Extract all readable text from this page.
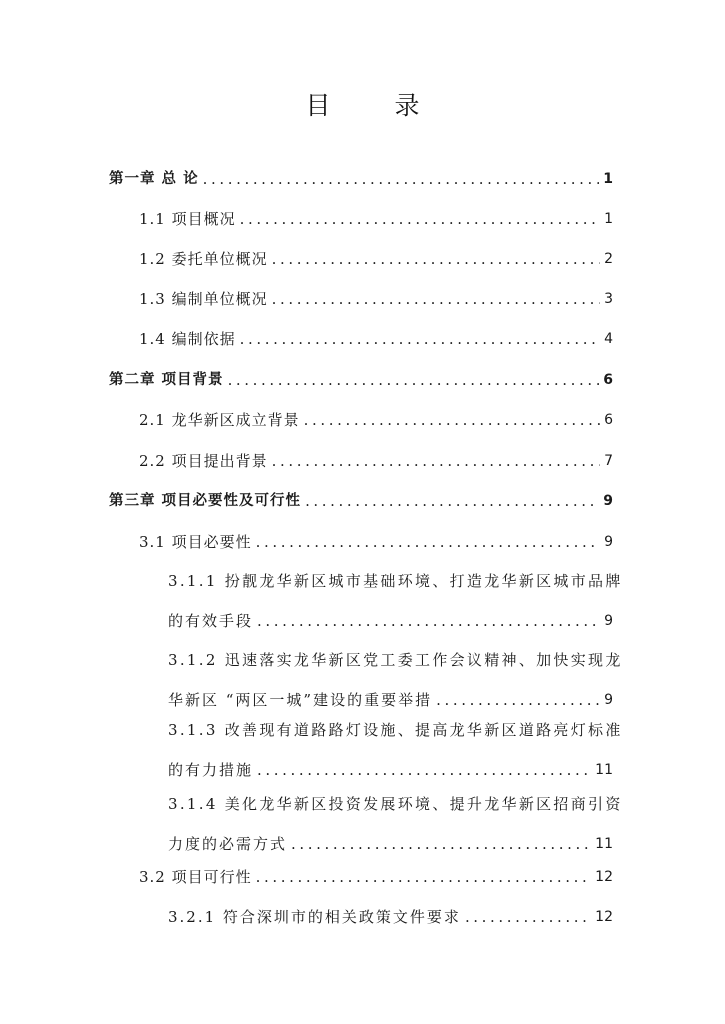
目 录
第一章 总 论 .....	1
1.1 项目概况 .....	1
1.2 委托单位概况 .....	2
1.3 编制单位概况 .....	3
1.4 编制依据 .....	4
第二章 项目背景 .....	6
2.1 龙华新区成立背景 .....	6
2.2 项目提出背景 .....	7
第三章 项目必要性及可行性 .....	9
3.1 项目必要性 .....	9
3.1.1 扮靓龙华新区城市基础环境、打造龙华新区城市品牌
的有效手段 .....	9
3.1.2 迅速落实龙华新区党工委工作会议精神、加快实现龙
华新区 “两区一城”建设的重要举措 .....	9
3.1.3 改善现有道路路灯设施、提高龙华新区道路亮灯标准
的有力措施 .....	11
3.1.4 美化龙华新区投资发展环境、提升龙华新区招商引资
力度的必需方式 .....	11
3.2 项目可行性 .....	12
3.2.1 符合深圳市的相关政策文件要求 .....	12
